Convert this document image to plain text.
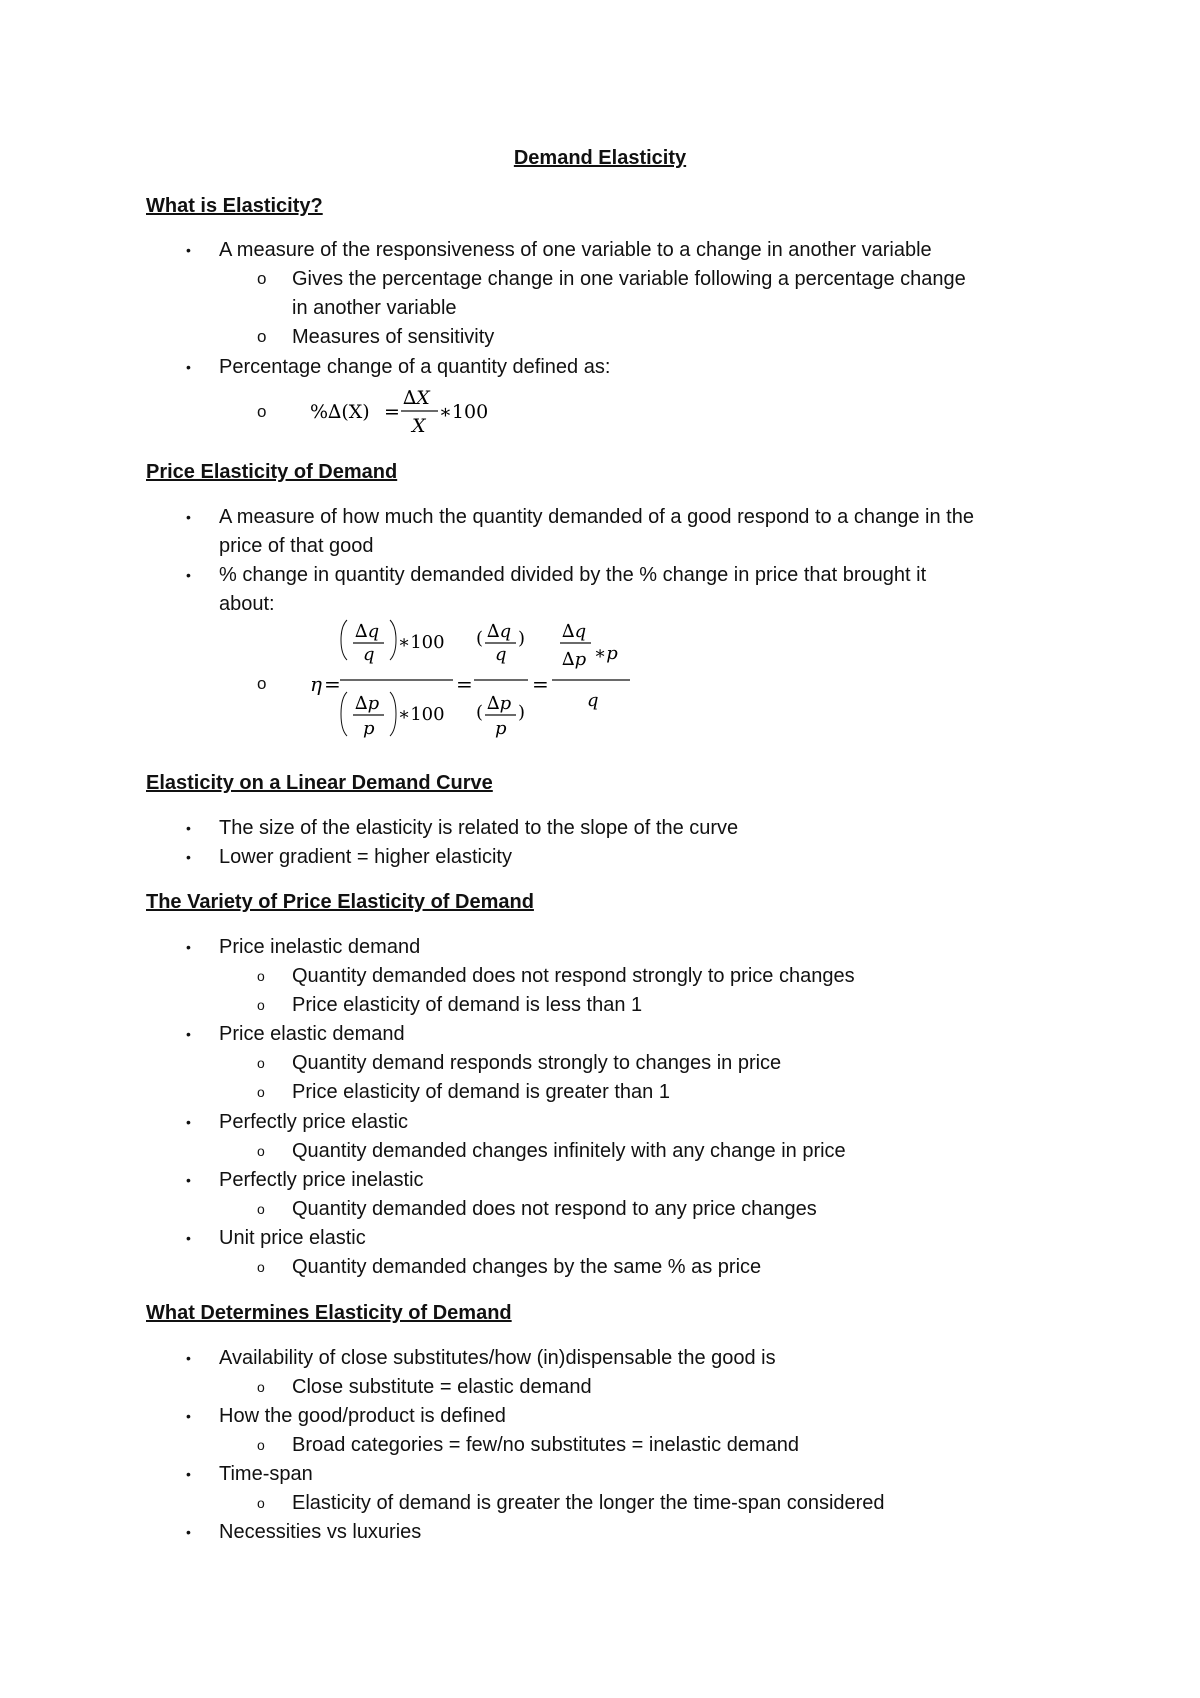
Demand Elasticity
What is Elasticity?
• A measure of the responsiveness of one variable to a change in another variable
o Gives the percentage change in one variable following a percentage change
in another variable
o Measures of sensitivity
• Percentage change of a quantity defined as:
o %∆(X) =
∆X
X
∗100
Price Elasticity of Demand
• A measure of how much the quantity demanded of a good respond to a change in the
price of that good
• % change in quantity demanded divided by the % change in price that brought it
about:
o η =
∆q
q
∗100
∆p
p
∗100
=
( ∆q
q
)
( ∆p
p
)
=
∆q
∆p ∗p
q
Elasticity on a Linear Demand Curve
• The size of the elasticity is related to the slope of the curve
• Lower gradient = higher elasticity
The Variety of Price Elasticity of Demand
• Price inelastic demand
o Quantity demanded does not respond strongly to price changes
o Price elasticity of demand is less than 1
• Price elastic demand
o Quantity demand responds strongly to changes in price
o Price elasticity of demand is greater than 1
• Perfectly price elastic
o Quantity demanded changes infinitely with any change in price
• Perfectly price inelastic
o Quantity demanded does not respond to any price changes
• Unit price elastic
o Quantity demanded changes by the same % as price
What Determines Elasticity of Demand
• Availability of close substitutes/how (in)dispensable the good is
o Close substitute = elastic demand
• How the good/product is defined
o Broad categories = few/no substitutes = inelastic demand
• Time-span
o Elasticity of demand is greater the longer the time-span considered
• Necessities vs luxuries
